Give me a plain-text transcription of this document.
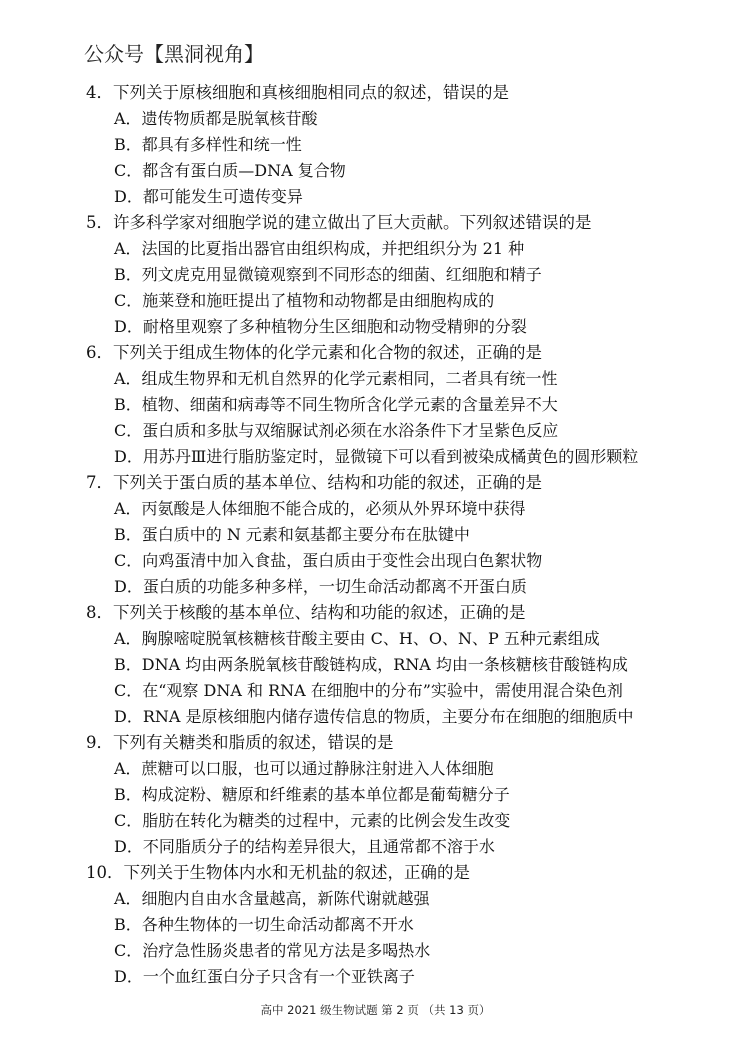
公众号【黑洞视角】
4．下列关于原核细胞和真核细胞相同点的叙述，错误的是
A．遗传物质都是脱氧核苷酸
B．都具有多样性和统一性
C．都含有蛋白质—DNA 复合物
D．都可能发生可遗传变异
5．许多科学家对细胞学说的建立做出了巨大贡献。下列叙述错误的是
A．法国的比夏指出器官由组织构成，并把组织分为 21 种
B．列文虎克用显微镜观察到不同形态的细菌、红细胞和精子
C．施莱登和施旺提出了植物和动物都是由细胞构成的
D．耐格里观察了多种植物分生区细胞和动物受精卵的分裂
6．下列关于组成生物体的化学元素和化合物的叙述，正确的是
A．组成生物界和无机自然界的化学元素相同，二者具有统一性
B．植物、细菌和病毒等不同生物所含化学元素的含量差异不大
C．蛋白质和多肽与双缩脲试剂必须在水浴条件下才呈紫色反应
D．用苏丹Ⅲ进行脂肪鉴定时，显微镜下可以看到被染成橘黄色的圆形颗粒
7．下列关于蛋白质的基本单位、结构和功能的叙述，正确的是
A．丙氨酸是人体细胞不能合成的，必须从外界环境中获得
B．蛋白质中的 N 元素和氨基都主要分布在肽键中
C．向鸡蛋清中加入食盐，蛋白质由于变性会出现白色絮状物
D．蛋白质的功能多种多样，一切生命活动都离不开蛋白质
8．下列关于核酸的基本单位、结构和功能的叙述，正确的是
A．胸腺嘧啶脱氧核糖核苷酸主要由 C、H、O、N、P 五种元素组成
B．DNA 均由两条脱氧核苷酸链构成，RNA 均由一条核糖核苷酸链构成
C．在“观察 DNA 和 RNA 在细胞中的分布”实验中，需使用混合染色剂
D．RNA 是原核细胞内储存遗传信息的物质，主要分布在细胞的细胞质中
9．下列有关糖类和脂质的叙述，错误的是
A．蔗糖可以口服，也可以通过静脉注射进入人体细胞
B．构成淀粉、糖原和纤维素的基本单位都是葡萄糖分子
C．脂肪在转化为糖类的过程中，元素的比例会发生改变
D．不同脂质分子的结构差异很大，且通常都不溶于水
10．下列关于生物体内水和无机盐的叙述，正确的是
A．细胞内自由水含量越高，新陈代谢就越强
B．各种生物体的一切生命活动都离不开水
C．治疗急性肠炎患者的常见方法是多喝热水
D．一个血红蛋白分子只含有一个亚铁离子
高中 2021 级生物试题 第 2 页 （共 13 页）
